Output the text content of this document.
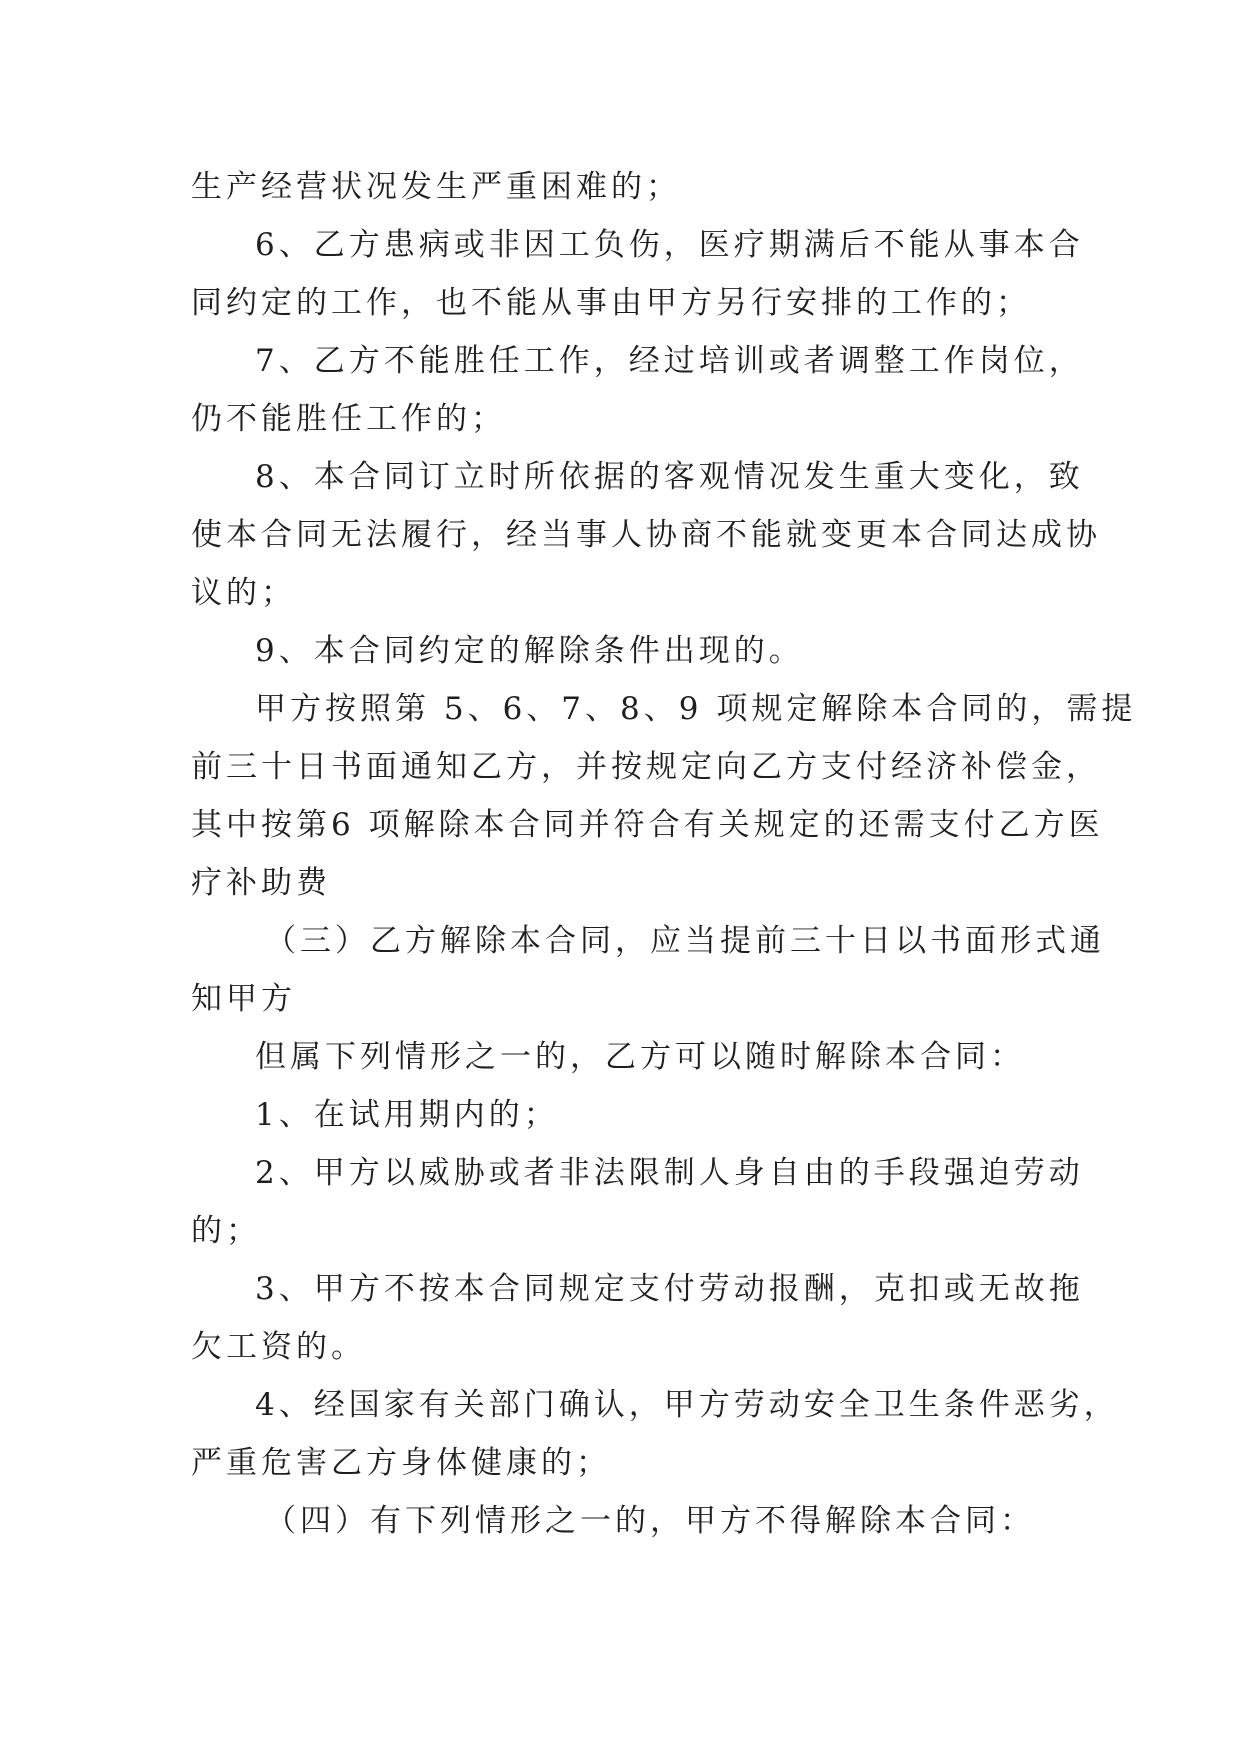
生产经营状况发生严重困难的；
6、乙方患病或非因工负伤，医疗期满后不能从事本合
同约定的工作，也不能从事由甲方另行安排的工作的；
7、乙方不能胜任工作，经过培训或者调整工作岗位，
仍不能胜任工作的；
8、本合同订立时所依据的客观情况发生重大变化，致
使本合同无法履行，经当事人协商不能就变更本合同达成协
议的；
9、本合同约定的解除条件出现的。
甲方按照第 5、6、7、8、9 项规定解除本合同的，需提
前三十日书面通知乙方，并按规定向乙方支付经济补偿金，
其中按第6 项解除本合同并符合有关规定的还需支付乙方医
疗补助费
（三）乙方解除本合同，应当提前三十日以书面形式通
知甲方
但属下列情形之一的，乙方可以随时解除本合同：
1、在试用期内的；
2、甲方以威胁或者非法限制人身自由的手段强迫劳动
的；
3、甲方不按本合同规定支付劳动报酬，克扣或无故拖
欠工资的。
4、经国家有关部门确认，甲方劳动安全卫生条件恶劣，
严重危害乙方身体健康的；
（四）有下列情形之一的，甲方不得解除本合同：
